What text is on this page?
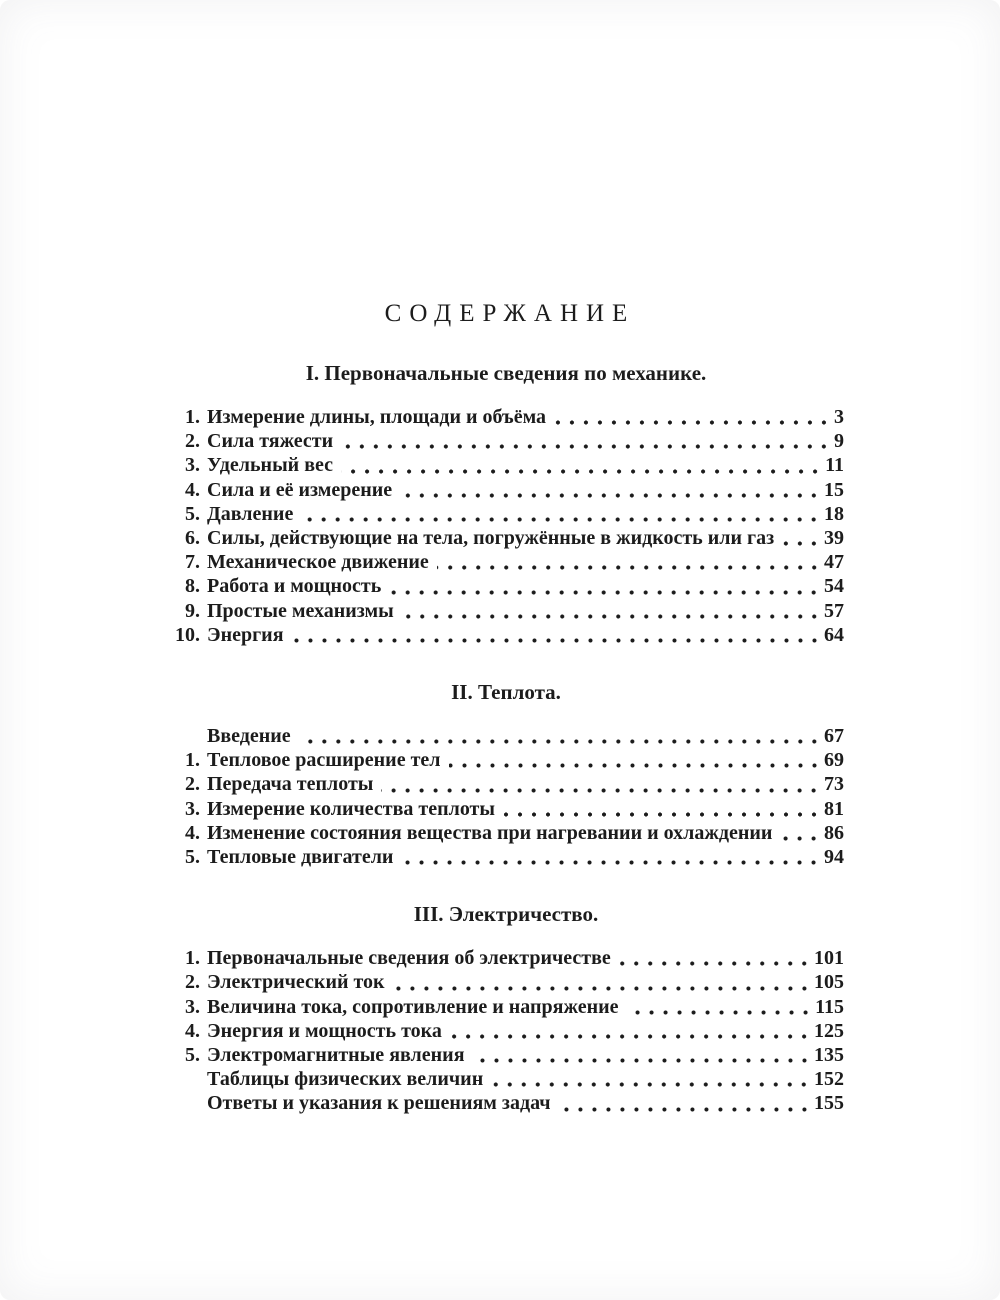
СОДЕРЖАНИЕ
I. Первоначальные сведения по механике.
1. Измерение длины, площади и объёма	3
2. Сила тяжести	9
3. Удельный вес	11
4. Сила и её измерение	15
5. Давление	18
6. Силы, действующие на тела, погружённые в жидкость или газ 39
7. Механическое движение	47
8. Работа и мощность	54
9. Простые механизмы	57
10. Энергия	64
II. Теплота.
Введение	67
1. Тепловое расширение тел	69
2. Передача теплоты	73
3. Измерение количества теплоты	81
4. Изменение состояния вещества при нагревании и охлаждении	86
5. Тепловые двигатели	94
III. Электричество.
1. Первоначальные сведения об электричестве	101
2. Электрический ток	105
3. Величина тока, сопротивление и напряжение	115
4. Энергия и мощность тока	125
5. Электромагнитные явления	135
Таблицы физических величин	152
Ответы и указания к решениям задач	155
